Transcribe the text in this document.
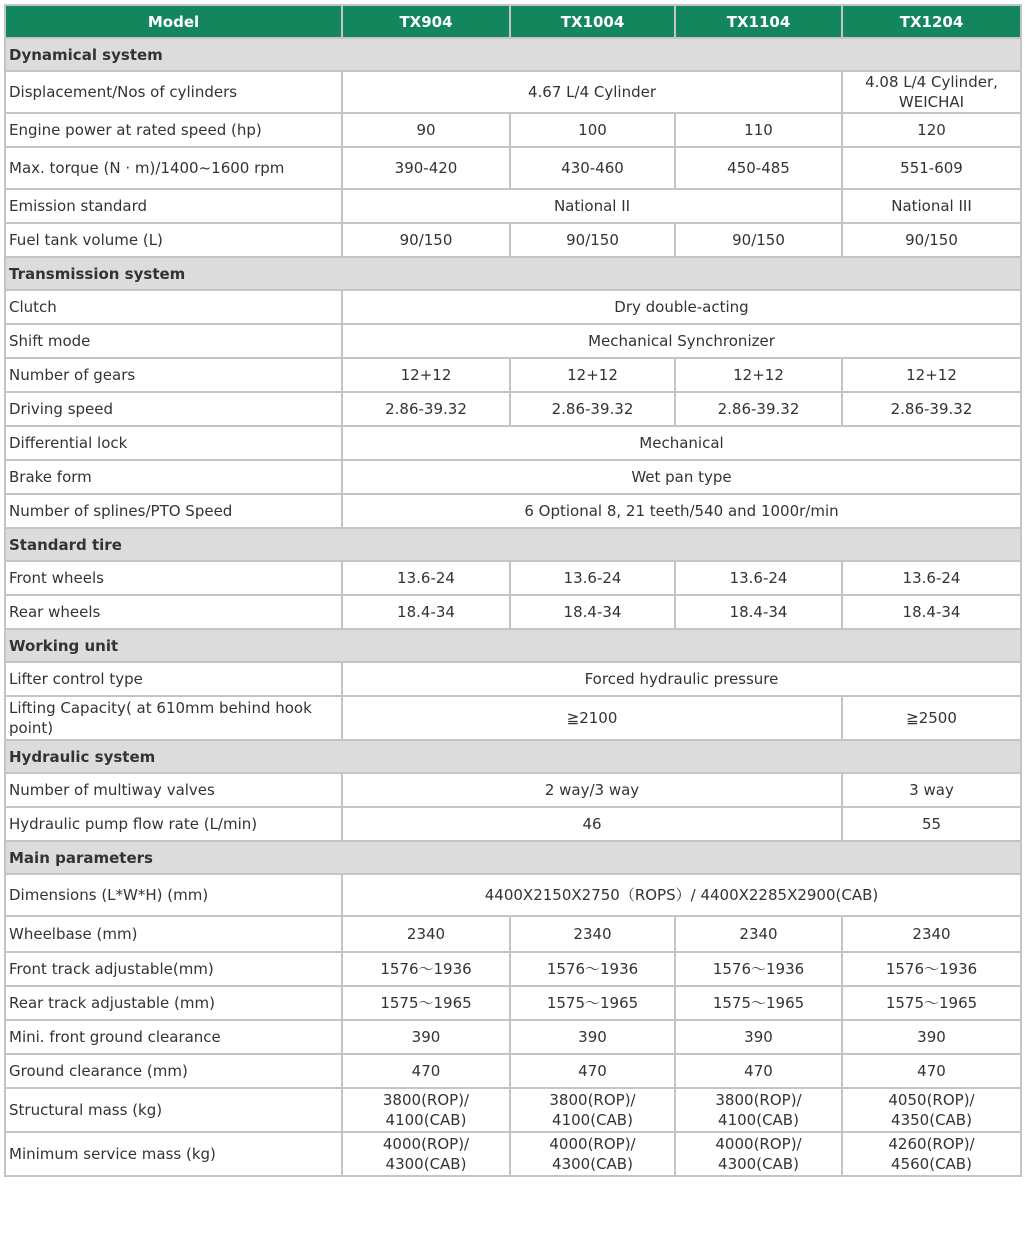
Model	TX904	TX1004	TX1104	TX1204
Dynamical system				
Displacement/Nos of cylinders	4.67 L/4 Cylinder			4.08 L/4 Cylinder, WEICHAI
Engine power at rated speed (hp)	90	100	110	120
Max. torque (N · m)/1400~1600 rpm	390-420	430-460	450-485	551-609
Emission standard	National II			National III
Fuel tank volume (L)	90/150	90/150	90/150	90/150
Transmission system				
Clutch	Dry double-acting			
Shift mode	Mechanical Synchronizer			
Number of gears	12+12	12+12	12+12	12+12
Driving speed	2.86-39.32	2.86-39.32	2.86-39.32	2.86-39.32
Differential lock	Mechanical			
Brake form	Wet pan type			
Number of splines/PTO Speed	6 Optional 8, 21 teeth/540 and 1000r/min			
Standard tire				
Front wheels	13.6-24	13.6-24	13.6-24	13.6-24
Rear wheels	18.4-34	18.4-34	18.4-34	18.4-34
Working unit				
Lifter control type	Forced hydraulic pressure			
Lifting Capacity( at 610mm behind hook point)	≧2100			≧2500
Hydraulic system				
Number of multiway valves	2 way/3 way			3 way
Hydraulic pump flow rate (L/min)	46			55
Main parameters				
Dimensions (L*W*H) (mm)	4400X2150X2750（ROPS）/ 4400X2285X2900(CAB)			
Wheelbase (mm)	2340	2340	2340	2340
Front track adjustable(mm)	1576～1936	1576～1936	1576～1936	1576～1936
Rear track adjustable (mm)	1575～1965	1575～1965	1575～1965	1575～1965
Mini. front ground clearance	390	390	390	390
Ground clearance (mm)	470	470	470	470
Structural mass (kg)	3800(ROP)/ 4100(CAB)	3800(ROP)/ 4100(CAB)	3800(ROP)/ 4100(CAB)	4050(ROP)/ 4350(CAB)
Minimum service mass (kg)	4000(ROP)/ 4300(CAB)	4000(ROP)/ 4300(CAB)	4000(ROP)/ 4300(CAB)	4260(ROP)/ 4560(CAB)
